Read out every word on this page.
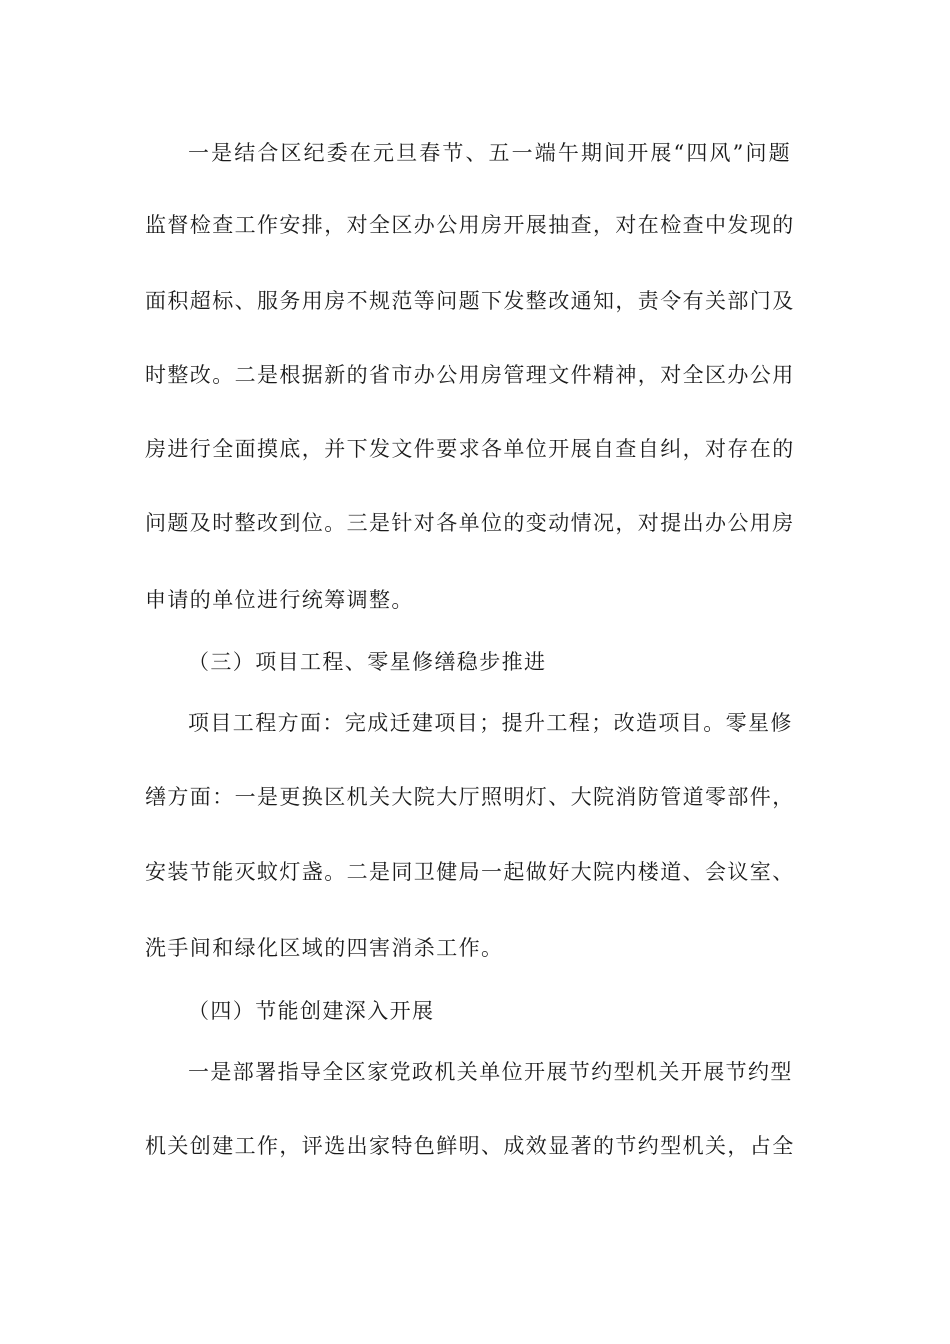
一是结合区纪委在元旦春节、五一端午期间开展“四风”问题
监督检查工作安排，对全区办公用房开展抽查，对在检查中发现的
面积超标、服务用房不规范等问题下发整改通知，责令有关部门及
时整改。二是根据新的省市办公用房管理文件精神，对全区办公用
房进行全面摸底，并下发文件要求各单位开展自查自纠，对存在的
问题及时整改到位。三是针对各单位的变动情况，对提出办公用房
申请的单位进行统筹调整。
（三）项目工程、零星修缮稳步推进
项目工程方面：完成迁建项目；提升工程；改造项目。零星修
缮方面：一是更换区机关大院大厅照明灯、大院消防管道零部件，
安装节能灭蚊灯盏。二是同卫健局一起做好大院内楼道、会议室、
洗手间和绿化区域的四害消杀工作。
（四）节能创建深入开展
一是部署指导全区家党政机关单位开展节约型机关开展节约型
机关创建工作，评选出家特色鲜明、成效显著的节约型机关，占全
